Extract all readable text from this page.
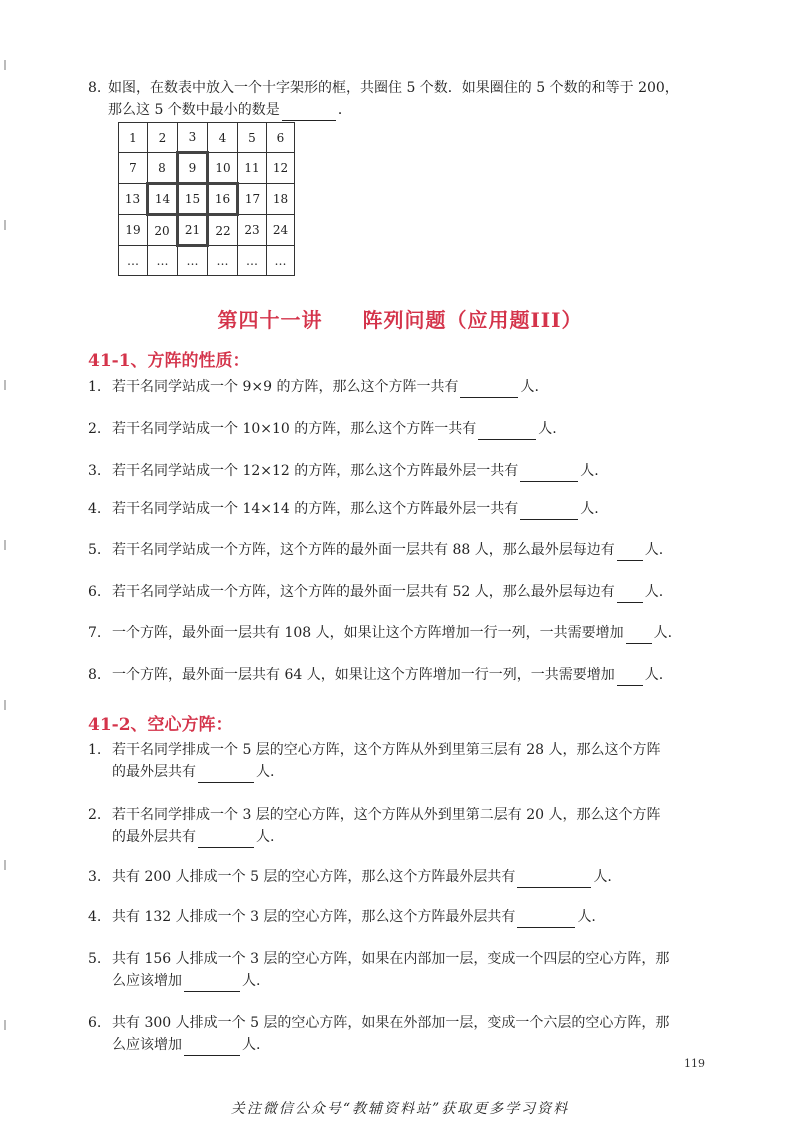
8. 如图，在数表中放入一个十字架形的框，共圈住 5 个数．如果圈住的 5 个数的和等于 200，
那么这 5 个数中最小的数是	．
1	2	3	4	5	6
7	8	9	10	11	12
13	14	15	16	17	18
19	20	21	22	23	24
…	…	…	…	…	…
第四十一讲 阵列问题（应用题III）
41-1、方阵的性质：
1. 若干名同学站成一个 9×9 的方阵，那么这个方阵一共有	人.
2. 若干名同学站成一个 10×10 的方阵，那么这个方阵一共有	人.
3. 若干名同学站成一个 12×12 的方阵，那么这个方阵最外层一共有	人.
4. 若干名同学站成一个 14×14 的方阵，那么这个方阵最外层一共有	人.
5. 若干名同学站成一个方阵，这个方阵的最外面一层共有 88 人，那么最外层每边有 人.
6. 若干名同学站成一个方阵，这个方阵的最外面一层共有 52 人，那么最外层每边有 人.
7. 一个方阵，最外面一层共有 108 人，如果让这个方阵增加一行一列，一共需要增加 人.
8. 一个方阵，最外面一层共有 64 人，如果让这个方阵增加一行一列，一共需要增加 人.
41-2、空心方阵：
1. 若干名同学排成一个 5 层的空心方阵，这个方阵从外到里第三层有 28 人，那么这个方阵
的最外层共有	人.
2. 若干名同学排成一个 3 层的空心方阵，这个方阵从外到里第二层有 20 人，那么这个方阵
的最外层共有	人.
3. 共有 200 人排成一个 5 层的空心方阵，那么这个方阵最外层共有	人.
4. 共有 132 人排成一个 3 层的空心方阵，那么这个方阵最外层共有	人.
5. 共有 156 人排成一个 3 层的空心方阵，如果在内部加一层，变成一个四层的空心方阵，那
么应该增加	人.
6. 共有 300 人排成一个 5 层的空心方阵，如果在外部加一层，变成一个六层的空心方阵，那
么应该增加	人.
119
关注微信公众号“教辅资料站”获取更多学习资料
